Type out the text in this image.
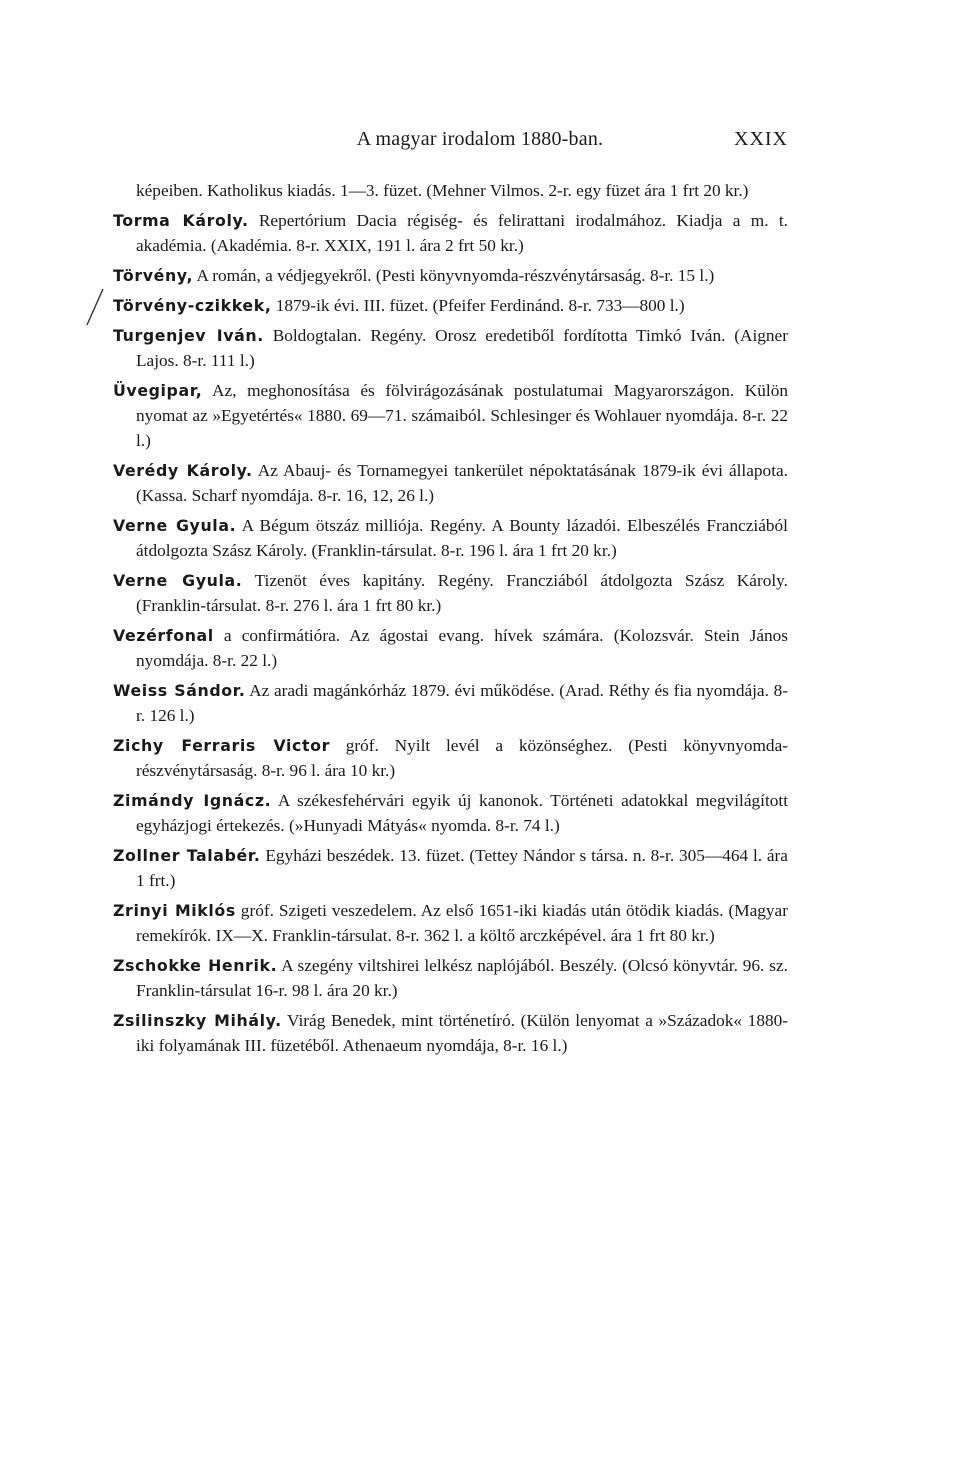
A magyar irodalom 1880-ban.	XXIX

képeiben. Katholikus kiadás. 1—3. füzet. (Mehner Vilmos. 2-r. egy füzet ára 1 frt 20 kr.)

Torma Károly. Repertórium Dacia régiség- és felirattani irodalmához. Kiadja a m. t. akadémia. (Akadémia. 8-r. XXIX, 191 l. ára 2 frt 50 kr.)

Törvény, A román, a védjegyekről. (Pesti könyvnyomda-részvénytársaság. 8-r. 15 l.)

Törvény-czikkek, 1879-ik évi. III. füzet. (Pfeifer Ferdinánd. 8-r. 733—800 l.)

Turgenjev Iván. Boldogtalan. Regény. Orosz eredetiből fordította Timkó Iván. (Aigner Lajos. 8-r. 111 l.)

Üvegipar, Az, meghonosítása és fölvirágozásának postulatumai Magyarországon. Külön nyomat az »Egyetértés« 1880. 69—71. számaiból. Schlesinger és Wohlauer nyomdája. 8-r. 22 l.)

Verédy Károly. Az Abauj- és Tornamegyei tankerület népoktatásának 1879-ik évi állapota. (Kassa. Scharf nyomdája. 8-r. 16, 12, 26 l.)

Verne Gyula. A Bégum ötszáz milliója. Regény. A Bounty lázadói. Elbeszélés Francziából átdolgozta Szász Károly. (Franklin-társulat. 8-r. 196 l. ára 1 frt 20 kr.)

Verne Gyula. Tizenöt éves kapitány. Regény. Francziából átdolgozta Szász Károly. (Franklin-társulat. 8-r. 276 l. ára 1 frt 80 kr.)

Vezérfonal a confirmátióra. Az ágostai evang. hívek számára. (Kolozsvár. Stein János nyomdája. 8-r. 22 l.)

Weiss Sándor. Az aradi magánkórház 1879. évi működése. (Arad. Réthy és fia nyomdája. 8-r. 126 l.)

Zichy Ferraris Victor gróf. Nyilt levél a közönséghez. (Pesti könyvnyomda-részvénytársaság. 8-r. 96 l. ára 10 kr.)

Zimándy Ignácz. A székesfehérvári egyik új kanonok. Történeti adatokkal megvilágított egyházjogi értekezés. (»Hunyadi Mátyás« nyomda. 8-r. 74 l.)

Zollner Talabér. Egyházi beszédek. 13. füzet. (Tettey Nándor s társa. n. 8-r. 305—464 l. ára 1 frt.)

Zrinyi Miklós gróf. Szigeti veszedelem. Az első 1651-iki kiadás után ötödik kiadás. (Magyar remekírók. IX—X. Franklin-társulat. 8-r. 362 l. a költő arczképével. ára 1 frt 80 kr.)

Zschokke Henrik. A szegény viltshirei lelkész naplójából. Beszély. (Olcsó könyvtár. 96. sz. Franklin-társulat 16-r. 98 l. ára 20 kr.)

Zsilinszky Mihály. Virág Benedek, mint történetíró. (Külön lenyomat a »Századok« 1880-iki folyamának III. füzetéből. Athenaeum nyomdája, 8-r. 16 l.)
